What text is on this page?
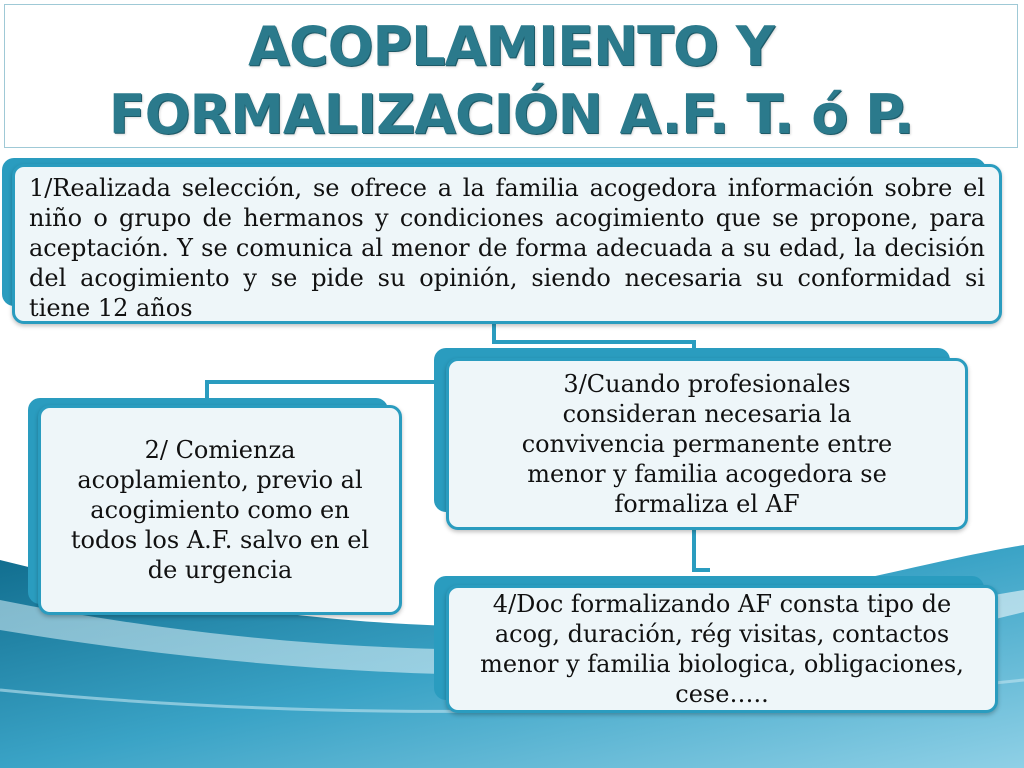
ACOPLAMIENTO Y
FORMALIZACIÓN A.F. T. ó P.
1/Realizada selección, se ofrece a la familia acogedora información sobre el niño o grupo de hermanos y condiciones acogimiento que se propone, para aceptación. Y se comunica al menor de forma adecuada a su edad, la decisión del acogimiento y se pide su opinión, siendo necesaria su conformidad si tiene 12 años
3/Cuando profesionales consideran necesaria la convivencia permanente entre menor y familia acogedora se formaliza el AF
2/ Comienza acoplamiento, previo al acogimiento como en todos los A.F. salvo en el de urgencia
4/Doc formalizando AF consta tipo de acog, duración, rég visitas, contactos menor y familia biologica, obligaciones, cese…..
